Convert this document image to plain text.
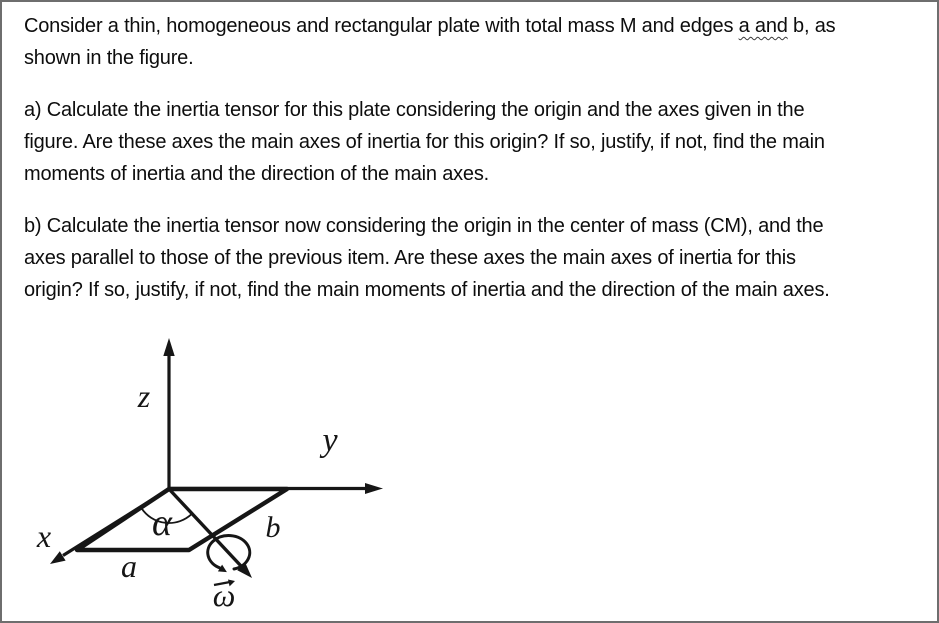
Consider a thin, homogeneous and rectangular plate with total mass M and edges a and b, as
shown in the figure.

a) Calculate the inertia tensor for this plate considering the origin and the axes given in the
figure. Are these axes the main axes of inertia for this origin? If so, justify, if not, find the main
moments of inertia and the direction of the main axes.

b) Calculate the inertia tensor now considering the origin in the center of mass (CM), and the
axes parallel to those of the previous item. Are these axes the main axes of inertia for this
origin? If so, justify, if not, find the main moments of inertia and the direction of the main axes.

z
y
x	α	b
a
ω
